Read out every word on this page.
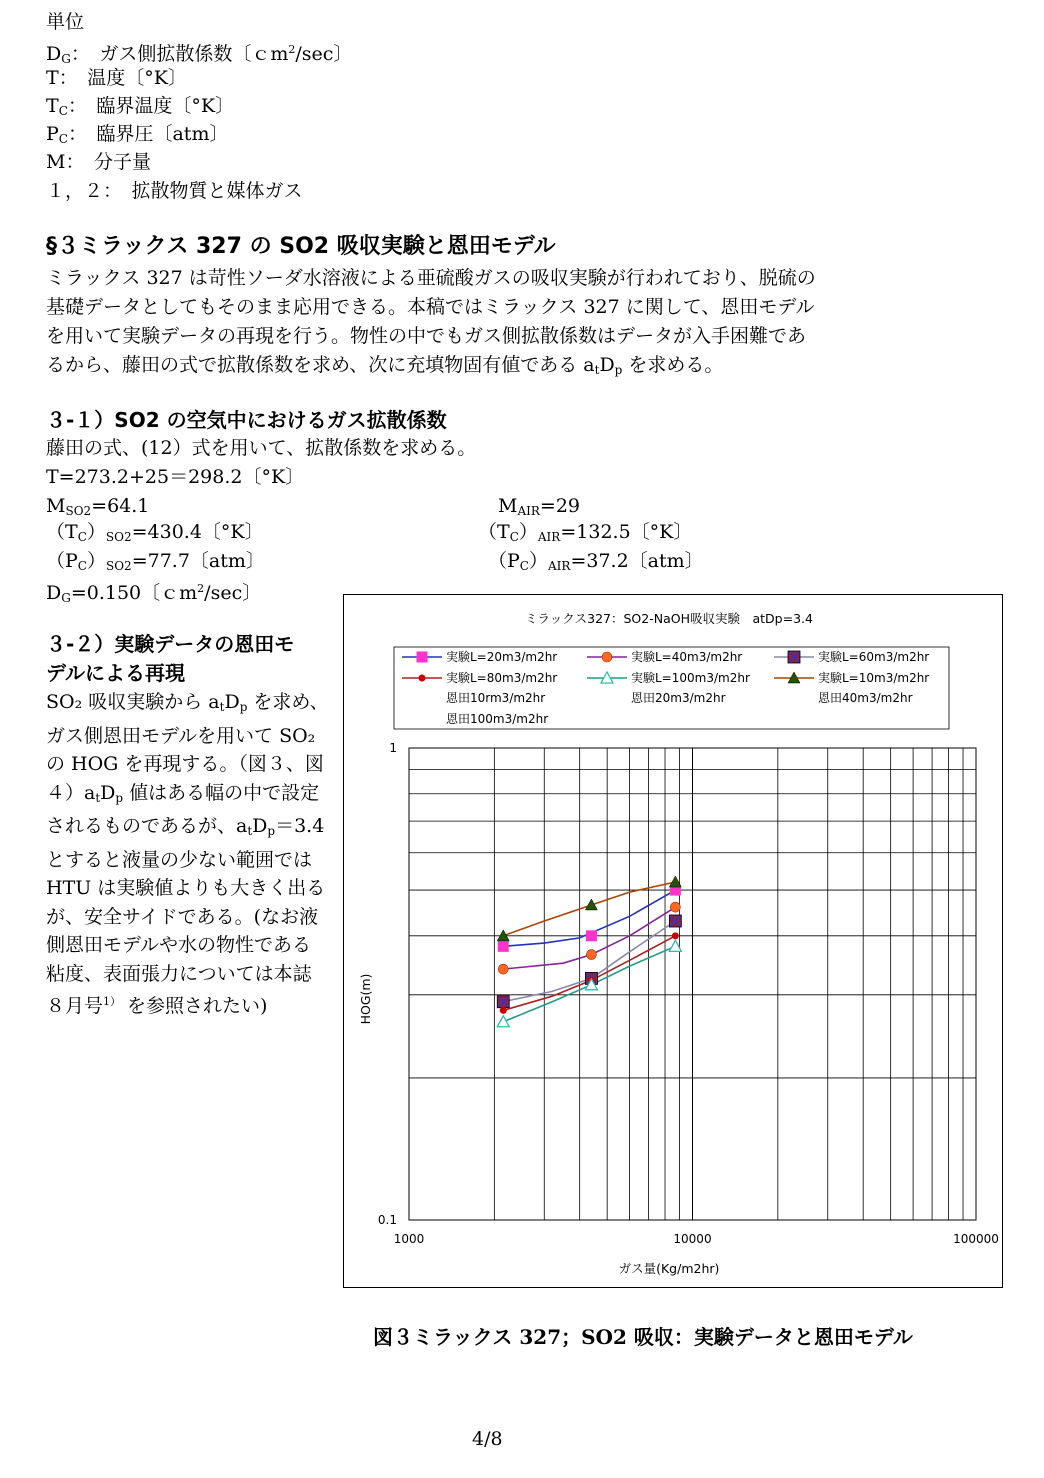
単位
$D_G$：　ガス側拡散係数〔ｃm$^2$/sec〕
T：　温度〔°K〕
$T_C$：　臨界温度〔°K〕
$P_C$：　臨界圧〔atm〕
M：　分子量
１，２：　拡散物質と媒体ガス
§３ミラックス 327 の SO2 吸収実験と恩田モデル
ミラックス 327 は苛性ソーダ水溶液による亜硫酸ガスの吸収実験が行われており、脱硫の
基礎データとしてもそのまま応用できる。本稿ではミラックス 327 に関して、恩田モデル
を用いて実験データの再現を行う。物性の中でもガス側拡散係数はデータが入手困難であ
るから、藤田の式で拡散係数を求め、次に充填物固有値である $a_tD_p$ を求める。
３-１）SO2 の空気中におけるガス拡散係数
藤田の式、(12）式を用いて、拡散係数を求める。
T=273.2+25＝298.2〔°K〕
$M_{SO2}=64.1$	$M_{AIR}=29$
$(T_C)_{SO2}=430.4$〔°K〕	$(T_C)_{AIR}=132.5$〔°K〕
$(P_C)_{SO2}=77.7$〔atm〕	$(P_C)_{AIR}=37.2$〔atm〕
$D_G=0.150$〔ｃm$^2$/sec〕
３-２）実験データの恩田モ
デルによる再現
SO₂ 吸収実験から $a_tD_p$ を求め、ガス側恩田モデルを用いて SO₂の HOG を再現する。（図３、図$4)a_tD_p$ 値はある幅の中で設定されるものであるが、$a_tD_p=3.4$ とすると液量の少ない範囲では HTU は実験値よりも大きく出るが、安全サイドである。(なお液側恩田モデルや水の物性である粘度、表面張力については本誌８月号$^{1)}$ を参照されたい)
ミラックス327：SO2-NaOH吸収実験　atDp=3.4
実験L=20m3/m2hr	実験L=40m3/m2hr	実験L=60m3/m2hr
実験L=80m3/m2hr	実験L=100m3/m2hr	実験L=10m3/m2hr
恩田10rm3/m2hr	恩田20m3/m2hr	恩田40m3/m2hr
恩田100m3/m2hr
1000	10000	100000
0.1
1
ガス量(Kg/m2hr)
HOG(m)
図３ミラックス 327；SO2 吸収：実験データと恩田モデル
4/8
